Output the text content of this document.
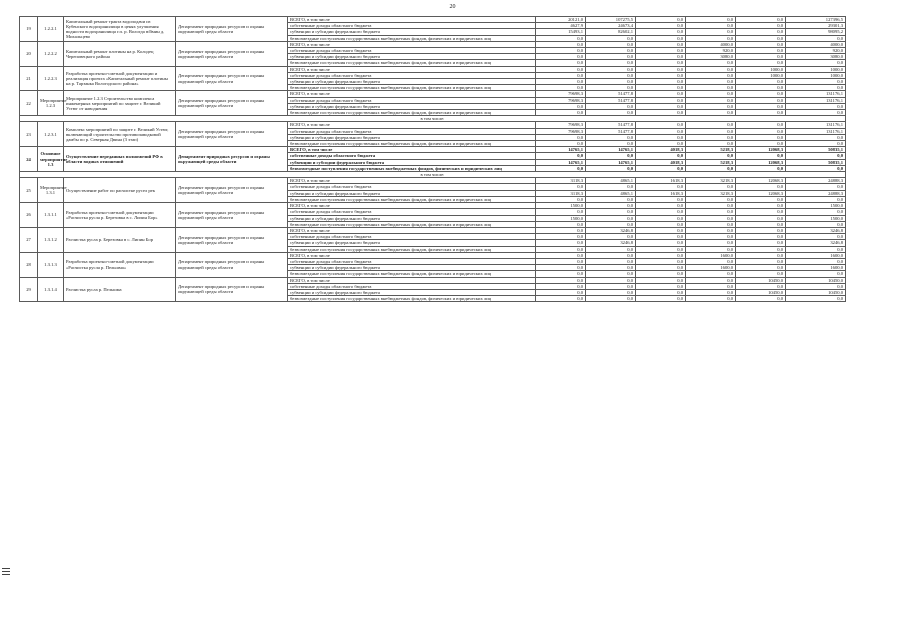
20
19	1.2.2.1	Капитальный ремонт тракта водоподачи из Кубенского водохранилища в ценях улучшения водности водохранилища г.п. р. Вологда в/ймин д. Михальцево	Департамент природных ресурсов и охраны окружающей среды области	ВСЕГО, в том числе	20121,0	107275,5	0,0	0,0	0,0	127396,5
				собственные доходы областного бюджета	4627,9	24673,4	0,0	0,0	0,0	29301,3
				субвенции и субсидии федерального бюджета	15493,1	82602,1	0,0	0,0	0,0	98095,2
				безвозмездные поступления государственных внебюджетных фондов, физических и юридических лиц	0,0	0,0	0,0	0,0	0,0	0,0
20	1.2.2.2	Капитальный ремонт плотины на р. Колодец Череповецкого района	Департамент природных ресурсов и охраны окружающей среды области	ВСЕГО, в том числе	0,0	0,0	0,0	4000,0	0,0	4000,0
				собственные доходы областного бюджета	0,0	0,0	0,0	920,0	0,0	920,0
				субвенции и субсидии федерального бюджета	0,0	0,0	0,0	3080,0	0,0	3080,0
				безвозмездные поступления государственных внебюджетных фондов, физических и юридических лиц	0,0	0,0	0,0	0,0	0,0	0,0
21	1.2.2.3	Разработка проектно-сметной документации и реализация проекта «Капитальный ремонт плотины на р. Тарзанка Вологодского района»	Департамент природных ресурсов и охраны окружающей среды области	ВСЕГО, в том числе	0,0	0,0	0,0	0,0	1000,0	1000,0
				собственные доходы областного бюджета	0,0	0,0	0,0	0,0	1000,0	1000,0
				субвенции и субсидии федерального бюджета	0,0	0,0	0,0	0,0	0,0	0,0
				безвозмездные поступления государственных внебюджетных фондов, физических и юридических лиц	0,0	0,0	0,0	0,0	0,0	0,0
22	Мероприятие 1.2.3	Мероприятие 1.2.3 Строительство комплекса инженерных мероприятий по защите г. Великий Устюг от наводнения	Департамент природных ресурсов и охраны окружающей среды области	ВСЕГО, в том числе	79698,3	51477,8	0,0	0,0	0,0	131176,1
				собственные доходы областного бюджета	79698,3	51477,8	0,0	0,0	0,0	131176,1
				субвенции и субсидии федерального бюджета	0,0	0,0	0,0	0,0	0,0	0,0
				безвозмездные поступления государственных внебюджетных фондов, физических и юридических лиц	0,0	0,0	0,0	0,0	0,0	0,0
в том числе:										
23	1.2.3.1	Комплекс мероприятий по защите г. Великий Устюг, включающий строительство противопаводковой дамбы по р. Северная Двина (3 этап)	Департамент природных ресурсов и охраны окружающей среды области	ВСЕГО, в том числе	79698,3	51477,8	0,0	0,0	0,0	131176,1
				собственные доходы областного бюджета	79698,3	51477,8	0,0	0,0	0,0	131176,1
				субвенции и субсидии федерального бюджета	0,0	0,0	0,0	0,0	0,0	0,0
				безвозмездные поступления государственных внебюджетных фондов, физических и юридических лиц	0,0	0,0	0,0	0,0	0,0	0,0
24	Основное мероприятие 1.3	Осуществление переданных полномочий РФ в области водных отношений	Департамент природных ресурсов и охраны окружающей среды области	ВСЕГО, в том числе	14765,1	14765,1	4018,3	5218,3	12068,3	50835,1
				собственные доходы областного бюджета	0,0	0,0	0,0	0,0	0,0	0,0
				субвенции и субсидии федерального бюджета	14765,1	14765,1	4018,3	5218,3	12068,3	50835,1
				безвозмездные поступления государственных внебюджетных фондов, физических и юридических лиц	0,0	0,0	0,0	0,0	0,0	0,0
в том числе:										
25	Мероприятие 1.3.1	Осуществление работ по расчистке русел рек	Департамент природных ресурсов и охраны окружающей среды области	ВСЕГО, в том числе	3118,3	4865,1	1618,3	3218,3	12068,3	24888,3
				собственные доходы областного бюджета	0,0	0,0	0,0	0,0	0,0	0,0
				субвенции и субсидии федерального бюджета	3118,3	4865,1	1618,3	3218,3	12068,3	24888,3
				безвозмездные поступления государственных внебюджетных фондов, физических и юридических лиц	0,0	0,0	0,0	0,0	0,0	0,0
26	1.3.1.1	Разработка проектно-сметной документации «Расчистка русла р. Березовка в с. Липин Бор»	Департамент природных ресурсов и охраны окружающей среды области	ВСЕГО, в том числе	1500,0	0,0	0,0	0,0	0,0	1500,0
				собственные доходы областного бюджета	0,0	0,0	0,0	0,0	0,0	0,0
				субвенции и субсидии федерального бюджета	1500,0	0,0	0,0	0,0	0,0	1500,0
				безвозмездные поступления государственных внебюджетных фондов, физических и юридических лиц	0,0	0,0	0,0	0,0	0,0	0,0
27	1.3.1.2	Расчистка русла р. Березовка в с. Липин Бор	Департамент природных ресурсов и охраны окружающей среды области	ВСЕГО, в том числе	0,0	3246,8	0,0	0,0	0,0	3246,8
				собственные доходы областного бюджета	0,0	0,0	0,0	0,0	0,0	0,0
				субвенции и субсидии федерального бюджета	0,0	3246,8	0,0	0,0	0,0	3246,8
				безвозмездные поступления государственных внебюджетных фондов, физических и юридических лиц	0,0	0,0	0,0	0,0	0,0	0,0
28	1.3.1.3	Разработка проектно-сметной документации «Расчистка русла р. Пельшма»	Департамент природных ресурсов и охраны окружающей среды области	ВСЕГО, в том числе	0,0	0,0	0,0	1600,0	0,0	1600,0
				собственные доходы областного бюджета	0,0	0,0	0,0	0,0	0,0	0,0
				субвенции и субсидии федерального бюджета	0,0	0,0	0,0	1600,0	0,0	1600,0
				безвозмездные поступления государственных внебюджетных фондов, физических и юридических лиц	0,0	0,0	0,0	0,0	0,0	0,0
29	1.3.1.4	Расчистка русла р. Пельшма	Департамент природных ресурсов и охраны окружающей среды области	ВСЕГО, в том числе	0,0	0,0	0,0	0,0	10450,0	10450,0
				собственные доходы областного бюджета	0,0	0,0	0,0	0,0	0,0	0,0
				субвенции и субсидии федерального бюджета	0,0	0,0	0,0	0,0	10450,0	10450,0
				безвозмездные поступления государственных внебюджетных фондов, физических и юридических лиц	0,0	0,0	0,0	0,0	0,0	0,0
